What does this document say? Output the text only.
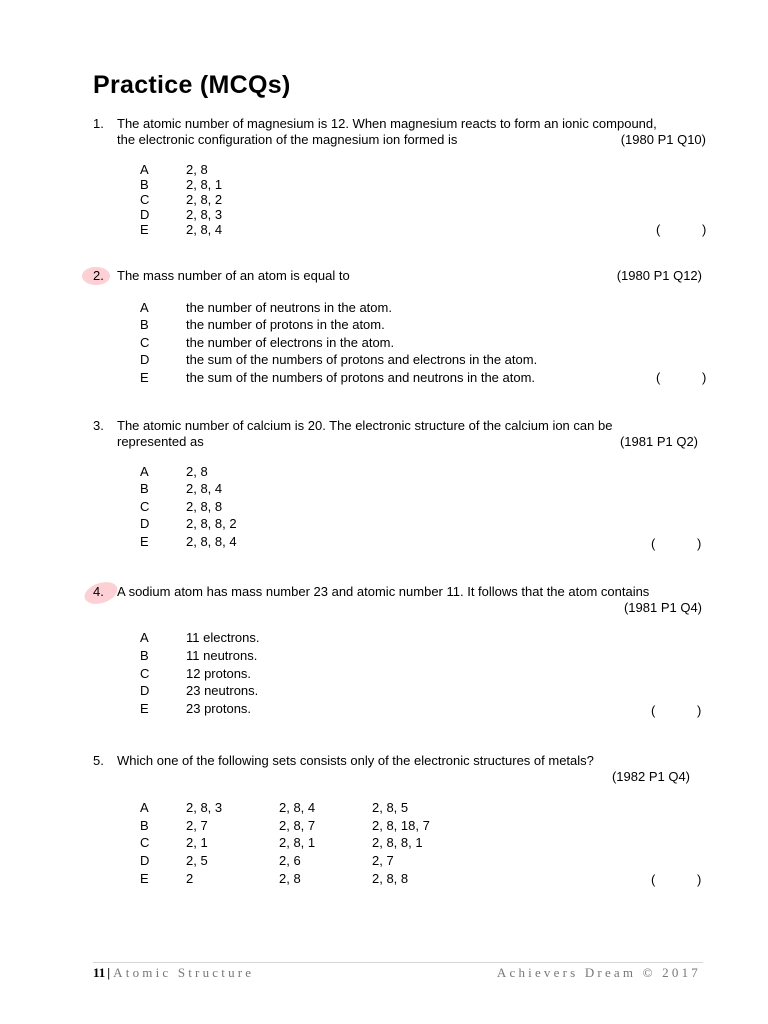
Practice (MCQs)
1. The atomic number of magnesium is 12. When magnesium reacts to form an ionic compound,
the electronic configuration of the magnesium ion formed is	(1980 P1 Q10)
A	2, 8
B	2, 8, 1
C	2, 8, 2
D	2, 8, 3
E	2, 8, 4	(	)
2. The mass number of an atom is equal to	(1980 P1 Q12)
A	the number of neutrons in the atom.
B	the number of protons in the atom.
C	the number of electrons in the atom.
D	the sum of the numbers of protons and electrons in the atom.
E	the sum of the numbers of protons and neutrons in the atom.	(	)
3. The atomic number of calcium is 20. The electronic structure of the calcium ion can be
represented as	(1981 P1 Q2)
A	2, 8
B	2, 8, 4
C	2, 8, 8
D	2, 8, 8, 2
E	2, 8, 8, 4	(	)
4. A sodium atom has mass number 23 and atomic number 11. It follows that the atom contains
(1981 P1 Q4)
A	11 electrons.
B	11 neutrons.
C	12 protons.
D	23 neutrons.
E	23 protons.	(	)
5. Which one of the following sets consists only of the electronic structures of metals?
(1982 P1 Q4)
A	2, 8, 3	2, 8, 4	2, 8, 5
B	2, 7	2, 8, 7	2, 8, 18, 7
C	2, 1	2, 8, 1	2, 8, 8, 1
D	2, 5	2, 6	2, 7
E	2	2, 8	2, 8, 8	(	)
11 | Atomic Structure	Achievers Dream © 2017
